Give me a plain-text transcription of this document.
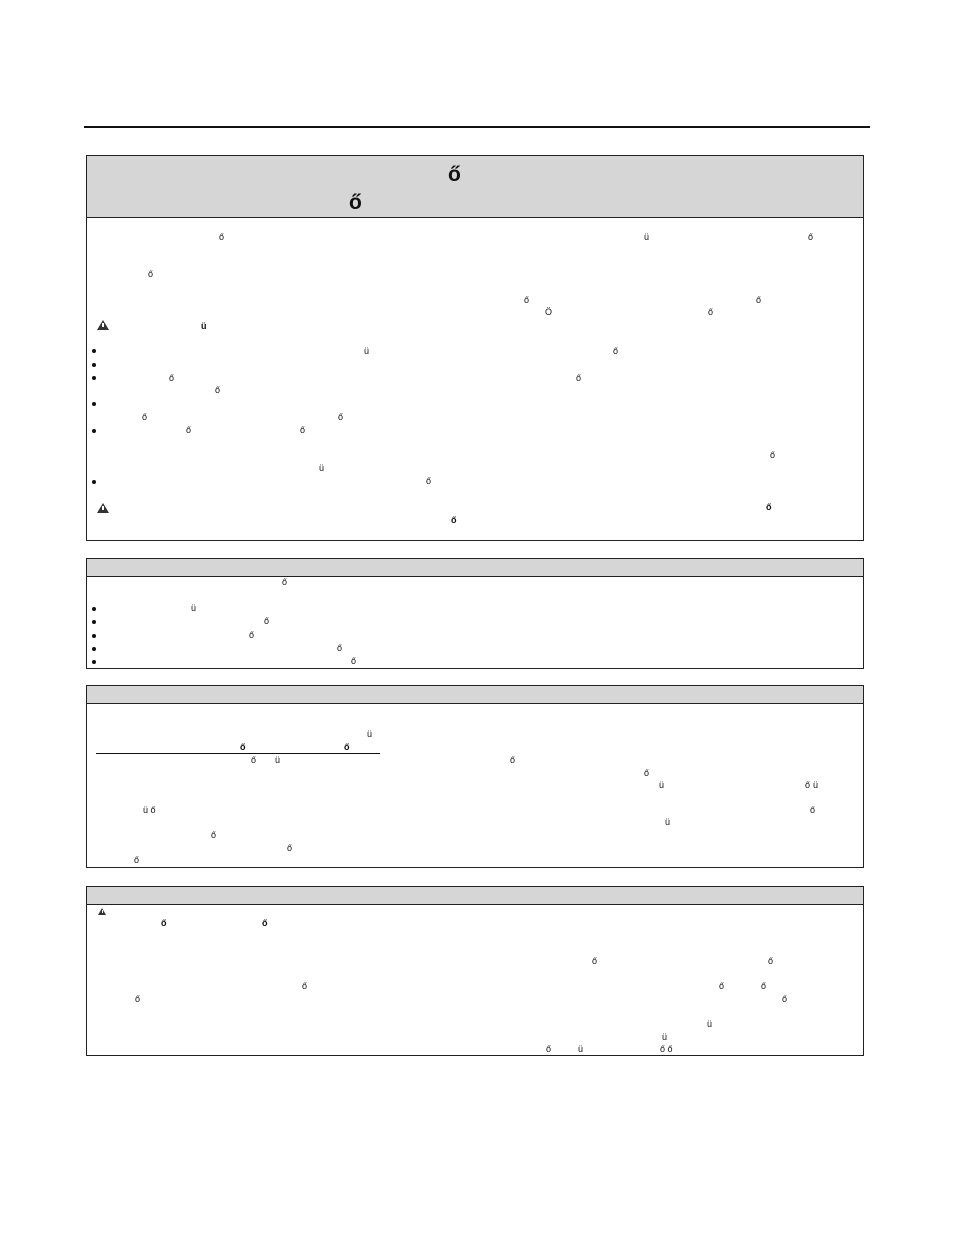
ő
ő
ő	ü	ő
ő
ő	ő
Ö	ő
ü
ü	ő
ő	ő
ő
ő	ő
ő	ő
ő
ü
ő
ő
ő
ő
ü
ő
ő
ő
ő
ü
ő	ő
ő ü	ő
ő
ü	ő ü
ő
ü ő
ő
ü
ő
ő
ő	ő
ő	ő
ő	ő	ő
ő	ő
ü
ü
ő	ü	ő ő
